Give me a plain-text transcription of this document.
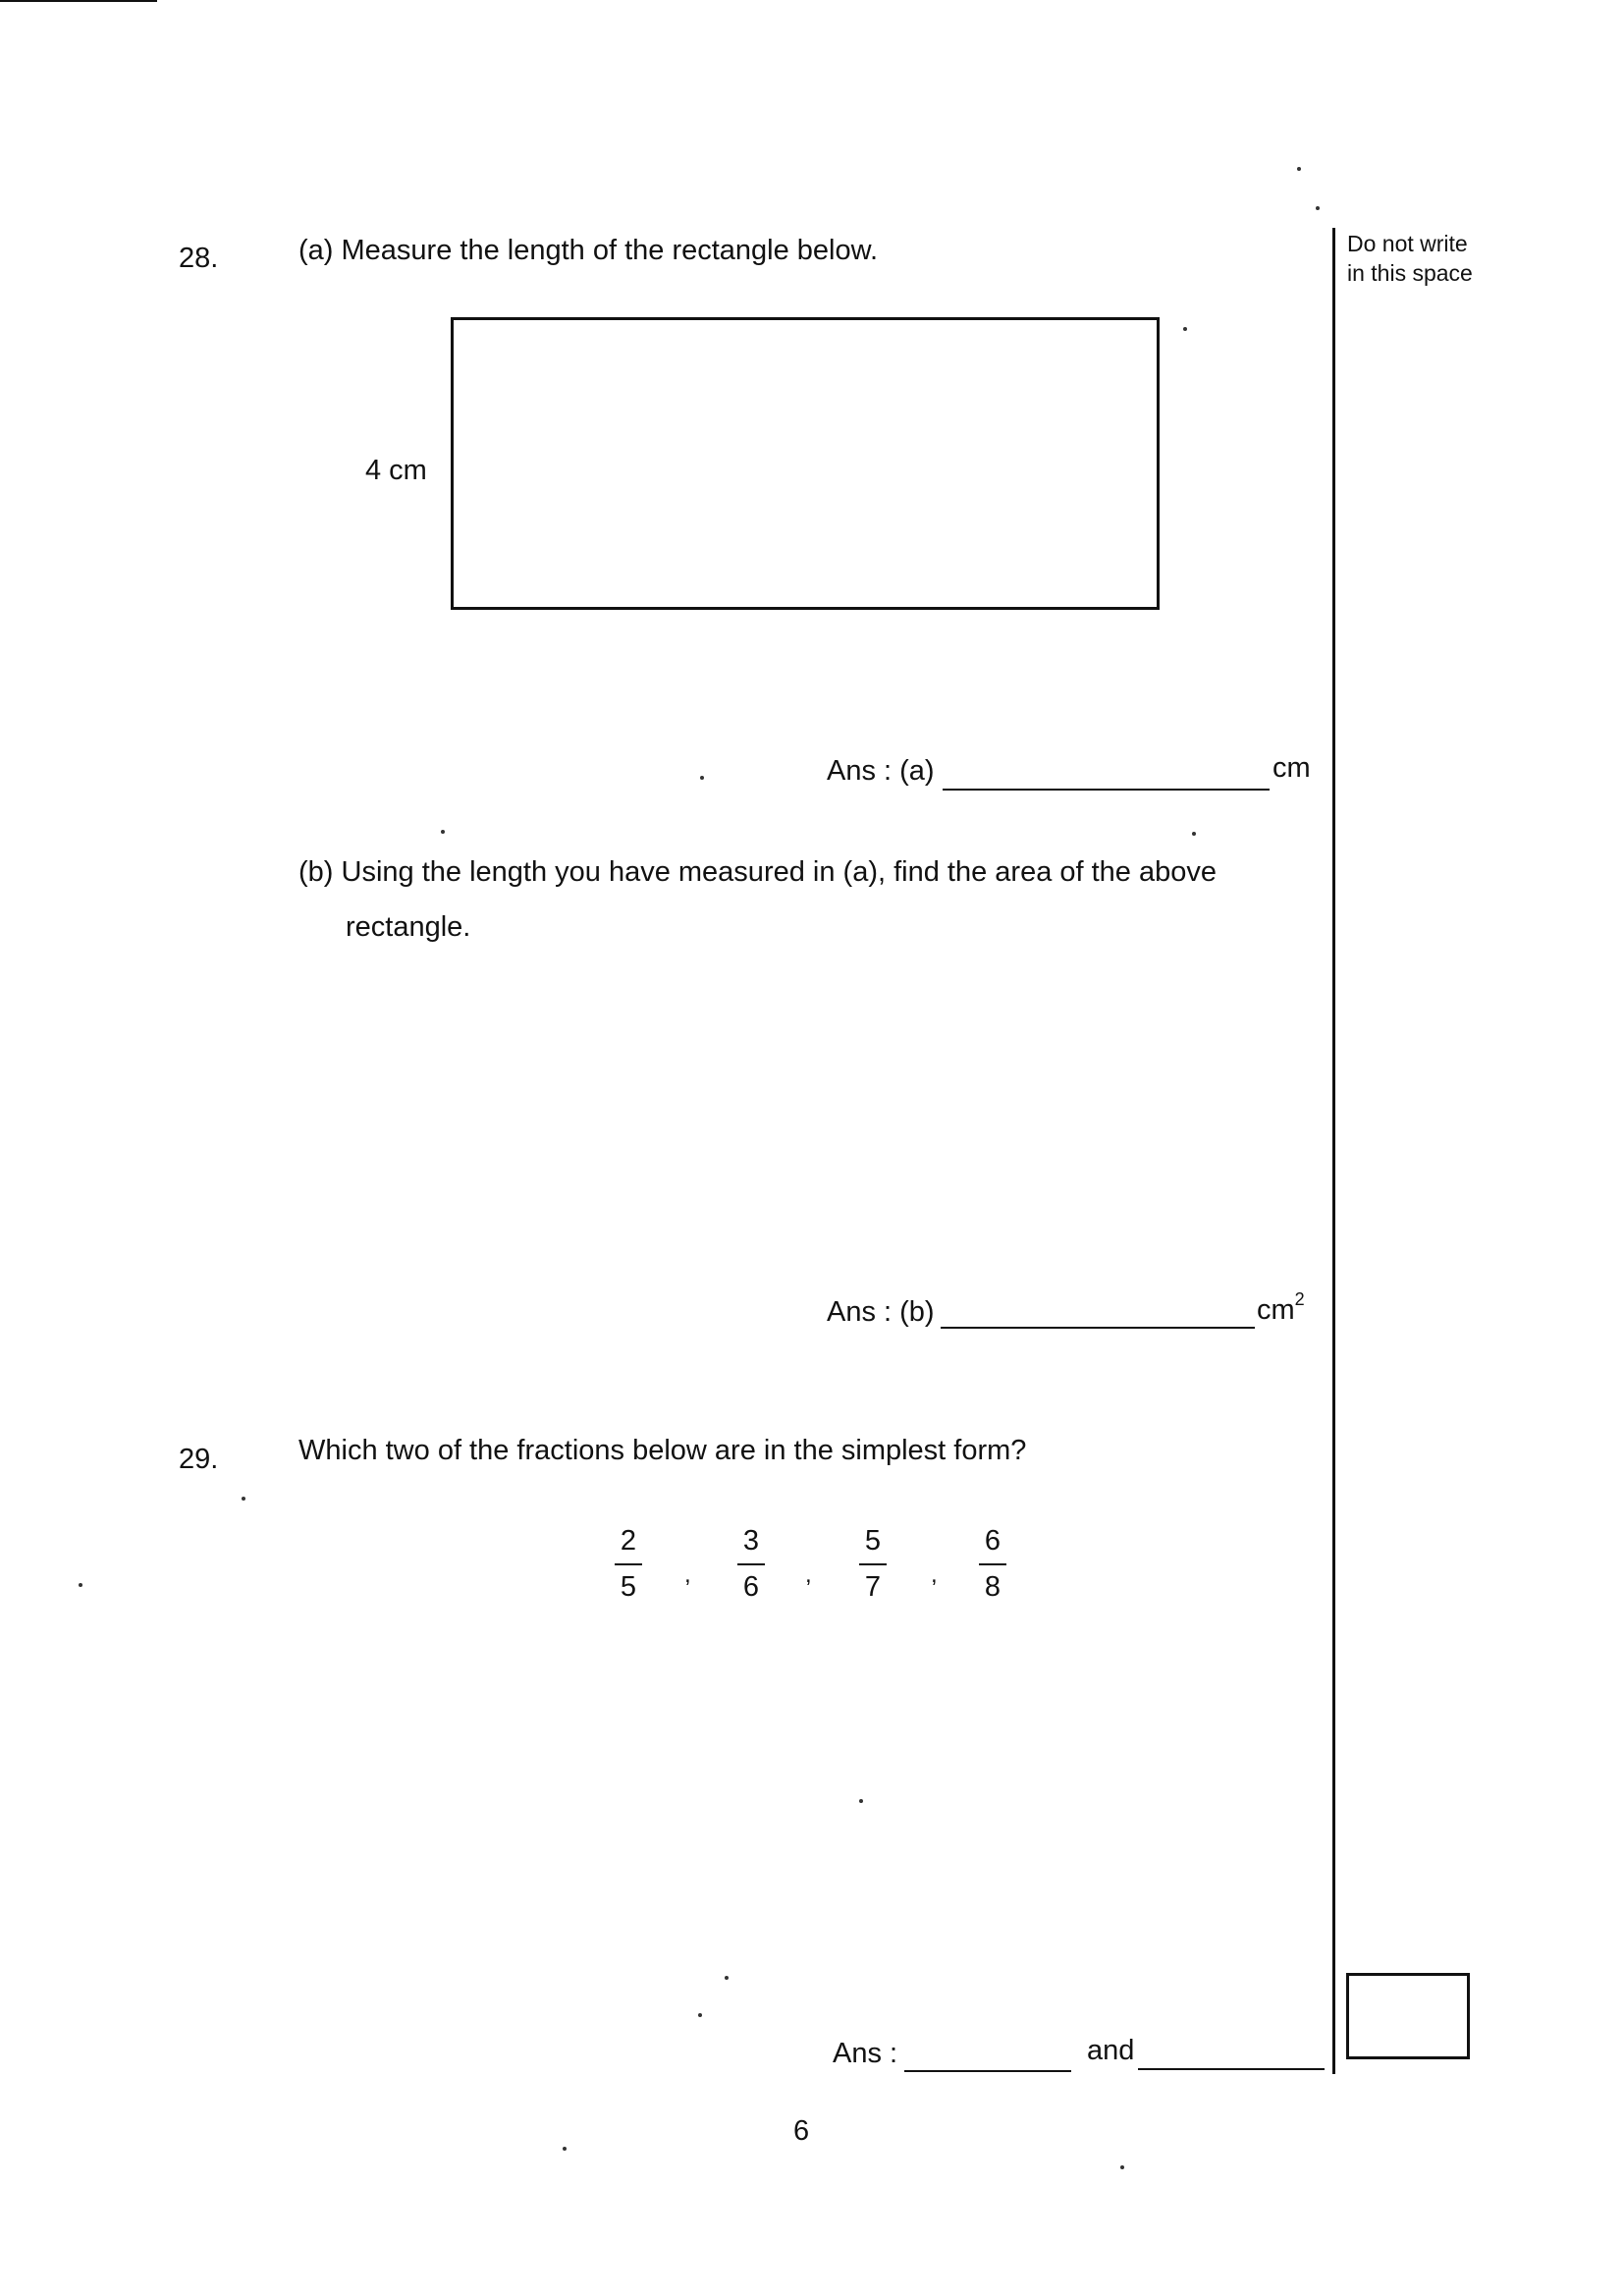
Do not write
in this space
28.	(a) Measure the length of the rectangle below.
4 cm
Ans : (a)	cm
(b) Using the length you have measured in (a), find the area of the above
rectangle.
Ans : (b)	$cm^2$
29.	Which two of the fractions below are in the simplest form?
2
5	,
3
6	,
5
7	,
6
8
Ans :	and
6
